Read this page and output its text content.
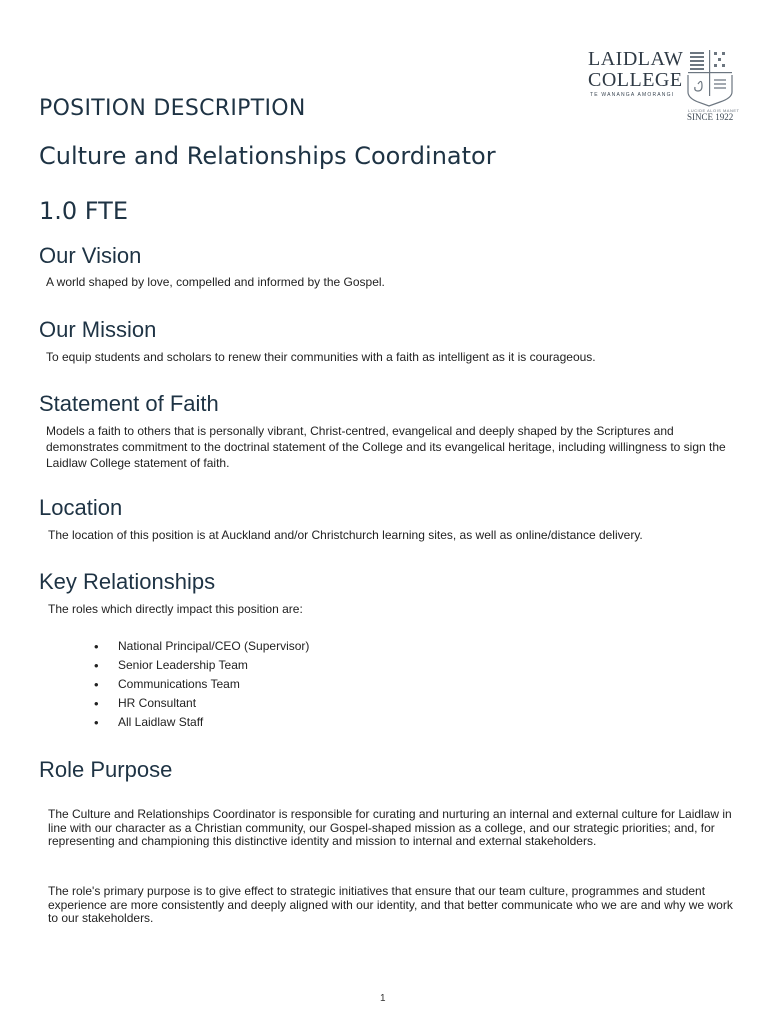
LAIDLAW
COLLEGE
TE WANANGA AMORANGI
LUCIDE ALOIS MANET
SINCE 1922
POSITION DESCRIPTION
Culture and Relationships Coordinator
1.0 FTE
Our Vision

A world shaped by love, compelled and informed by the Gospel.

Our Mission

To equip students and scholars to renew their communities with a faith as intelligent as it is courageous.

Statement of Faith

Models a faith to others that is personally vibrant, Christ-centred, evangelical and deeply shaped by the Scriptures and demonstrates commitment to the doctrinal statement of the College and its evangelical heritage, including willingness to sign the Laidlaw College statement of faith.

Location

The location of this position is at Auckland and/or Christchurch learning sites, as well as online/distance delivery.

Key Relationships

The roles which directly impact this position are:

• National Principal/CEO (Supervisor)
• Senior Leadership Team
• Communications Team
• HR Consultant
• All Laidlaw Staff
Role Purpose

The Culture and Relationships Coordinator is responsible for curating and nurturing an internal and external culture for Laidlaw in line with our character as a Christian community, our Gospel-shaped mission as a college, and our strategic priorities; and, for representing and championing this distinctive identity and mission to internal and external stakeholders.

The role's primary purpose is to give effect to strategic initiatives that ensure that our team culture, programmes and student experience are more consistently and deeply aligned with our identity, and that better communicate who we are and why we work to our stakeholders.

1
